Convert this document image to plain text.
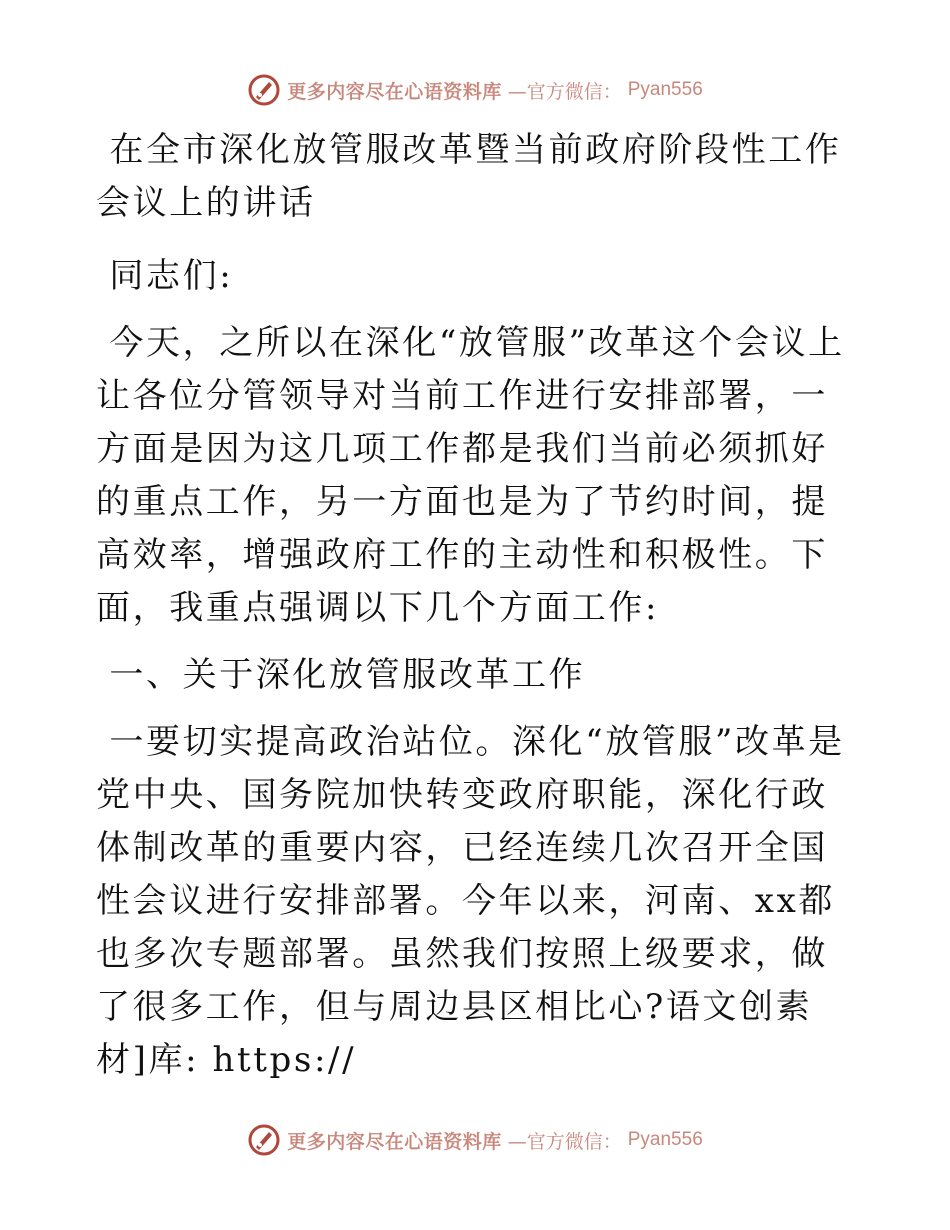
更多内容尽在心语资料库 —官方微信： Pyan556

在全市深化放管服改革暨当前政府阶段性工作会议上的讲话

同志们:

今天，之所以在深化“放管服”改革这个会议上让各位分管领导对当前工作进行安排部署，一方面是因为这几项工作都是我们当前必须抓好的重点工作，另一方面也是为了节约时间，提高效率，增强政府工作的主动性和积极性。下面，我重点强调以下几个方面工作:

一、关于深化放管服改革工作

一要切实提高政治站位。深化“放管服”改革是党中央、国务院加快转变政府职能，深化行政体制改革的重要内容，已经连续几次召开全国性会议进行安排部署。今年以来，河南、xx都也多次专题部署。虽然我们按照上级要求，做了很多工作，但与周边县区相比心?语文创素材]库: https://

更多内容尽在心语资料库 —官方微信： Pyan556
